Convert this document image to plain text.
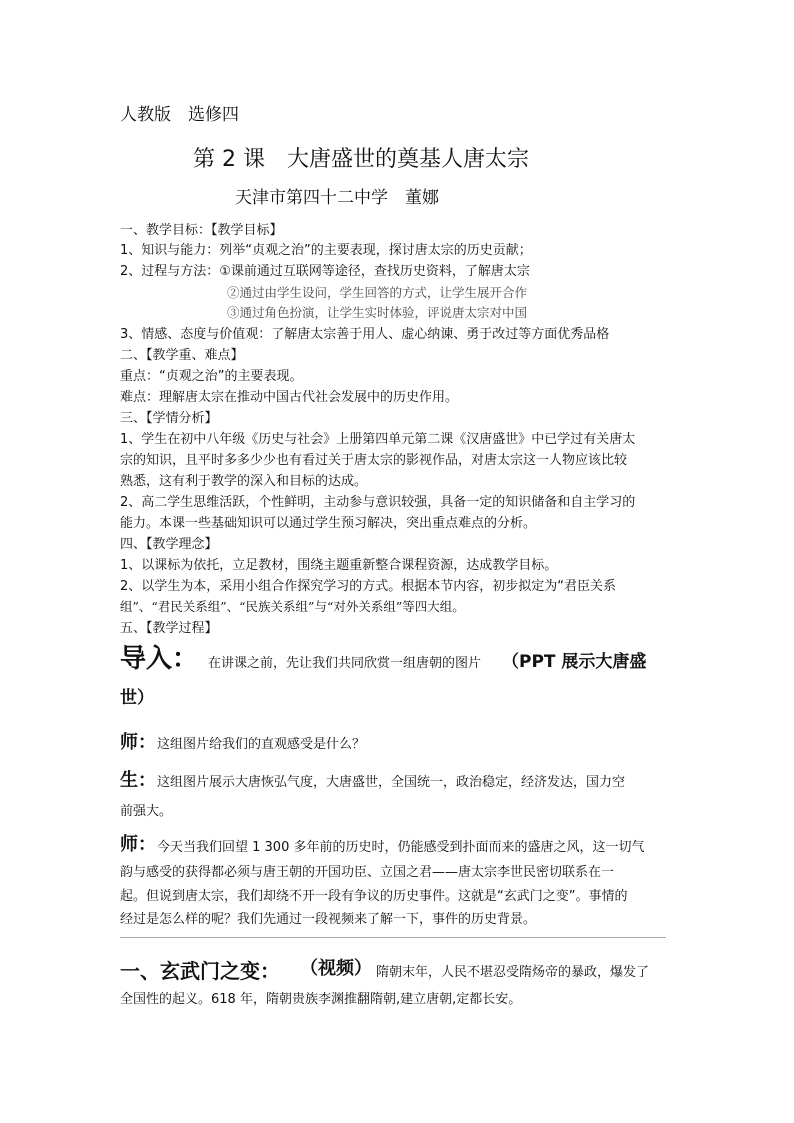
人教版　选修四
第 2 课　大唐盛世的奠基人唐太宗
天津市第四十二中学　董娜
一、教学目标：【教学目标】
1、知识与能力：列举“贞观之治”的主要表现，探讨唐太宗的历史贡献；
2、过程与方法：①课前通过互联网等途径，查找历史资料，了解唐太宗
②通过由学生设问，学生回答的方式，让学生展开合作
③通过角色扮演，让学生实时体验，评说唐太宗对中国
3、情感、态度与价值观：了解唐太宗善于用人、虚心纳谏、勇于改过等方面优秀品格
二、【教学重、难点】
重点：“贞观之治”的主要表现。
难点：理解唐太宗在推动中国古代社会发展中的历史作用。
三、【学情分析】
1、学生在初中八年级《历史与社会》上册第四单元第二课《汉唐盛世》中已学过有关唐太
宗的知识，且平时多多少少也有看过关于唐太宗的影视作品，对唐太宗这一人物应该比较
熟悉，这有利于教学的深入和目标的达成。
2、高二学生思维活跃，个性鲜明，主动参与意识较强，具备一定的知识储备和自主学习的
能力。本课一些基础知识可以通过学生预习解决，突出重点难点的分析。
四、【教学理念】
1、以课标为依托，立足教材，围绕主题重新整合课程资源，达成教学目标。
2、以学生为本，采用小组合作探究学习的方式。根据本节内容，初步拟定为“君臣关系
组”、“君民关系组”、“民族关系组”与“对外关系组”等四大组。
五、【教学过程】
导入： 在讲课之前，先让我们共同欣赏一组唐朝的图片 （PPT 展示大唐盛
世）
师： 这组图片给我们的直观感受是什么？
生： 这组图片展示大唐恢弘气度，大唐盛世，全国统一，政治稳定，经济发达，国力空
前强大。
师： 今天当我们回望 1 300 多年前的历史时，仍能感受到扑面而来的盛唐之风，这一切气
韵与感受的获得都必须与唐王朝的开国功臣、立国之君——唐太宗李世民密切联系在一
起。但说到唐太宗，我们却绕不开一段有争议的历史事件。这就是“玄武门之变”。事情的
经过是怎么样的呢？我们先通过一段视频来了解一下，事件的历史背景。
一、玄武门之变： （视频） 隋朝末年，人民不堪忍受隋炀帝的暴政，爆发了
全国性的起义。618 年，隋朝贵族李渊推翻隋朝,建立唐朝,定都长安。
